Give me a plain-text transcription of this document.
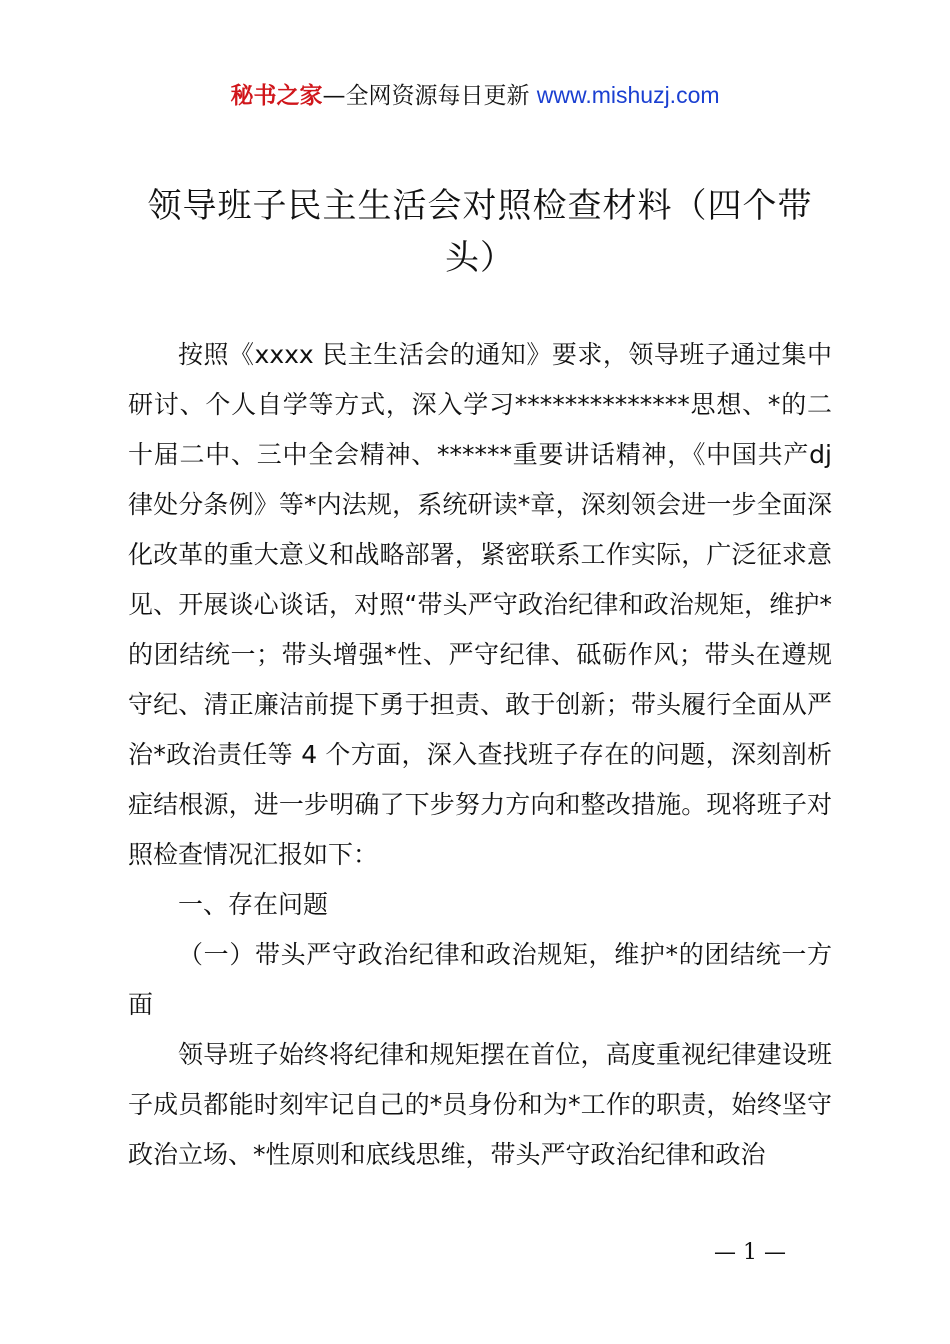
秘书之家—全网资源每日更新 www.mishuzj.com
领导班子民主生活会对照检查材料（四个带头）

按照《xxxx 民主生活会的通知》要求，领导班子通过集中研讨、个人自学等方式，深入学习**************思想、*的二十届二中、三中全会精神、******重要讲话精神，《中国共产dj 律处分条例》等*内法规，系统研读*章，深刻领会进一步全面深化改革的重大意义和战略部署，紧密联系工作实际，广泛征求意见、开展谈心谈话，对照“带头严守政治纪律和政治规矩，维护*的团结统一；带头增强*性、严守纪律、砥砺作风；带头在遵规守纪、清正廉洁前提下勇于担责、敢于创新；带头履行全面从严治*政治责任等 4 个方面，深入查找班子存在的问题，深刻剖析症结根源，进一步明确了下步努力方向和整改措施。现将班子对照检查情况汇报如下：

一、存在问题

（一）带头严守政治纪律和政治规矩，维护*的团结统一方面

领导班子始终将纪律和规矩摆在首位，高度重视纪律建设班子成员都能时刻牢记自己的*员身份和为*工作的职责，始终坚守政治立场、*性原则和底线思维，带头严守政治纪律和政治

— 1 —
